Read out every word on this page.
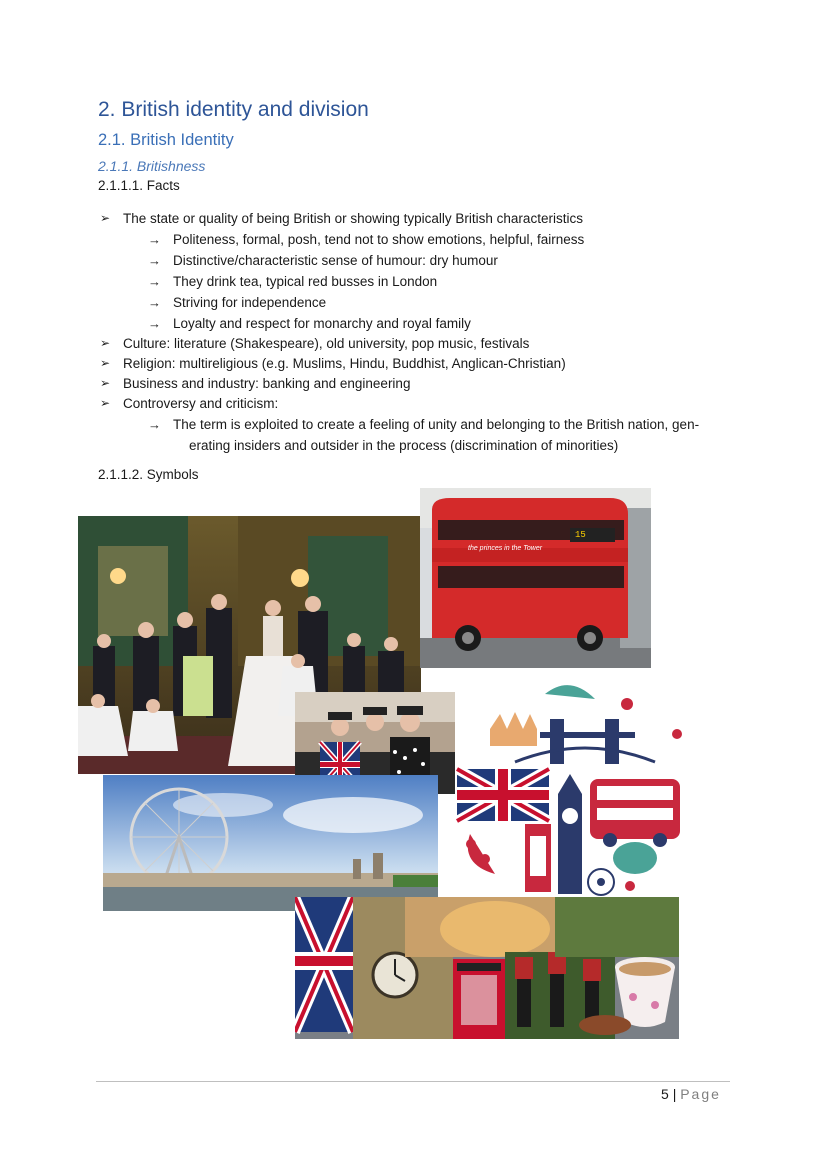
2. British identity and division
2.1. British Identity
2.1.1. Britishness
2.1.1.1. Facts
➢ The state or quality of being British or showing typically British characteristics
→ Politeness, formal, posh, tend not to show emotions, helpful, fairness
→ Distinctive/characteristic sense of humour: dry humour
→ They drink tea, typical red busses in London
→ Striving for independence
→ Loyalty and respect for monarchy and royal family
➢ Culture: literature (Shakespeare), old university, pop music, festivals
➢ Religion: multireligious (e.g. Muslims, Hindu, Buddhist, Anglican-Christian)
➢ Business and industry: banking and engineering
➢ Controversy and criticism:
→ The term is exploited to create a feeling of unity and belonging to the British nation, gen-
erating insiders and outsider in the process (discrimination of minorities)
2.1.1.2. Symbols
the princes in the Tower
15
5 | Page
